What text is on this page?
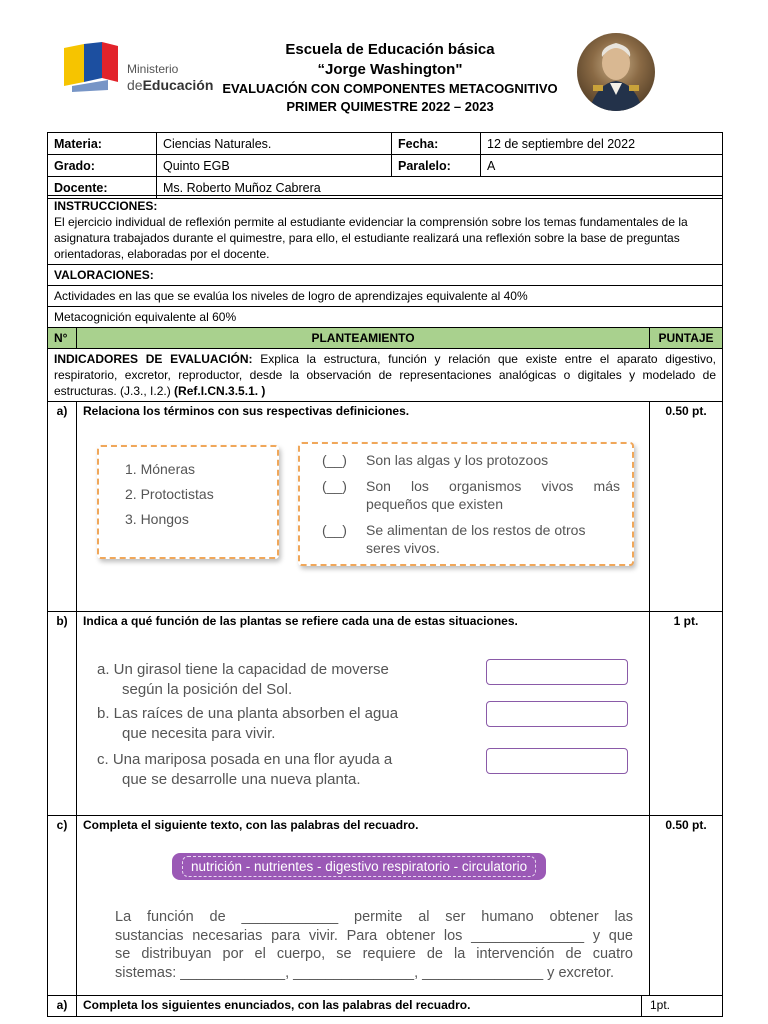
Ministerio
deEducación
Escuela de Educación básica
“Jorge Washington"
EVALUACIÓN CON COMPONENTES METACOGNITIVO
PRIMER QUIMESTRE 2022 – 2023
Materia:	Ciencias Naturales.	Fecha:	12 de septiembre del 2022
Grado:	Quinto EGB	Paralelo:	A
Docente:	Ms. Roberto Muñoz Cabrera		
INSTRUCCIONES:
El ejercicio individual de reflexión permite al estudiante evidenciar la comprensión sobre los temas fundamentales de la asignatura trabajados durante el quimestre, para ello, el estudiante realizará una reflexión sobre la base de preguntas orientadoras, elaboradas por el docente.
VALORACIONES:
Actividades en las que se evalúa los niveles de logro de aprendizajes equivalente al 40%
Metacognición equivalente al 60%
N°	PLANTEAMIENTO	PUNTAJE
INDICADORES DE EVALUACIÓN: Explica la estructura, función y relación que existe entre el aparato digestivo, respiratorio, excretor, reproductor, desde la observación de representaciones analógicas o digitales y modelado de estructuras. (J.3., I.2.) (Ref.I.CN.3.5.1. )
a)	Relaciona los términos con sus respectivas definiciones.
1. Móneras
2. Protoctistas
3. Hongos
(__) Son las algas y los protozoos
(__) Son los organismos vivos más
pequeños que existen
(__) Se alimentan de los restos de otros
seres vivos.
0.50 pt.
b)	Indica a qué función de las plantas se refiere cada una de estas situaciones.
a. Un girasol tiene la capacidad de moverse
según la posición del Sol.
b. Las raíces de una planta absorben el agua
que necesita para vivir.
c. Una mariposa posada en una flor ayuda a
que se desarrolle una nueva planta.
1 pt.
c)	Completa el siguiente texto, con las palabras del recuadro.
nutrición - nutrientes - digestivo respiratorio - circulatorio
La función de ____________ permite al ser humano obtener las
sustancias necesarias para vivir. Para obtener los ______________ y que
se distribuyan por el cuerpo, se requiere de la intervención de cuatro
sistemas: _____________, _______________, _______________ y excretor.
0.50 pt.
a)	Completa los siguientes enunciados, con las palabras del recuadro.	1pt.
